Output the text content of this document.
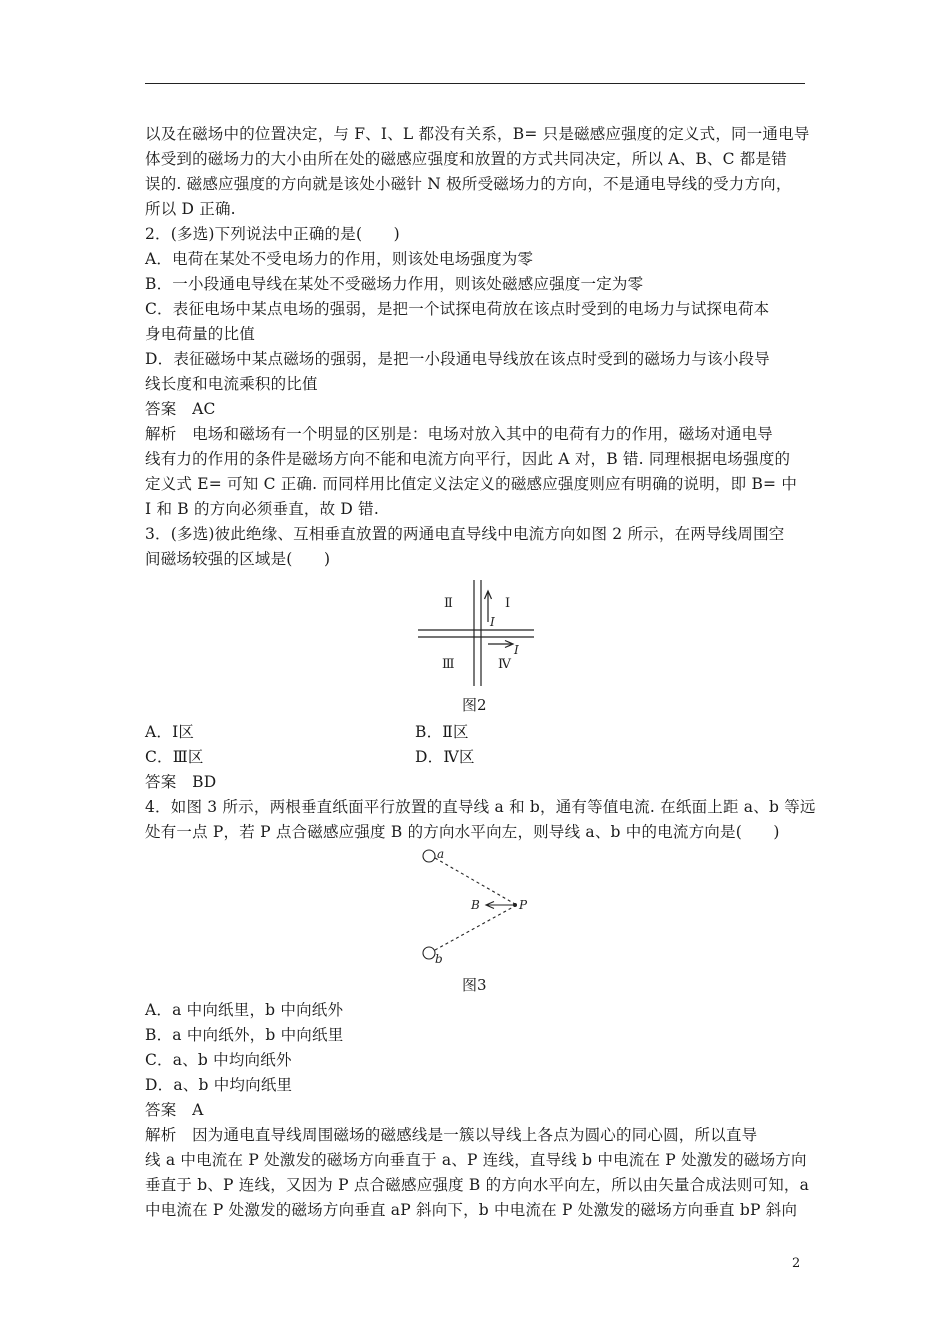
以及在磁场中的位置决定，与 F、I、L 都没有关系，B= 只是磁感应强度的定义式，同一通电导
体受到的磁场力的大小由所在处的磁感应强度和放置的方式共同决定，所以 A、B、C 都是错
误的. 磁感应强度的方向就是该处小磁针 N 极所受磁场力的方向，不是通电导线的受力方向，
所以 D 正确.
2．(多选)下列说法中正确的是(　　)
A．电荷在某处不受电场力的作用，则该处电场强度为零
B．一小段通电导线在某处不受磁场力作用，则该处磁感应强度一定为零
C．表征电场中某点电场的强弱，是把一个试探电荷放在该点时受到的电场力与试探电荷本
身电荷量的比值
D．表征磁场中某点磁场的强弱，是把一小段通电导线放在该点时受到的磁场力与该小段导
线长度和电流乘积的比值
答案　AC
解析　电场和磁场有一个明显的区别是：电场对放入其中的电荷有力的作用，磁场对通电导
线有力的作用的条件是磁场方向不能和电流方向平行，因此 A 对，B 错. 同理根据电场强度的
定义式 E= 可知 C 正确. 而同样用比值定义法定义的磁感应强度则应有明确的说明，即 B= 中
I 和 B 的方向必须垂直，故 D 错.
3．(多选)彼此绝缘、互相垂直放置的两通电直导线中电流方向如图 2 所示，在两导线周围空
间磁场较强的区域是(　　)
Ⅱ	Ⅰ
Ⅲ	Ⅳ
I
I
图2
A．Ⅰ区	B．Ⅱ区
C．Ⅲ区	D．Ⅳ区
答案　BD
4．如图 3 所示，两根垂直纸面平行放置的直导线 a 和 b，通有等值电流. 在纸面上距 a、b 等远
处有一点 P，若 P 点合磁感应强度 B 的方向水平向左，则导线 a、b 中的电流方向是(　　)
a
b
B	P
图3
A．a 中向纸里，b 中向纸外
B．a 中向纸外，b 中向纸里
C．a、b 中均向纸外
D．a、b 中均向纸里
答案　A
解析　因为通电直导线周围磁场的磁感线是一簇以导线上各点为圆心的同心圆，所以直导
线 a 中电流在 P 处激发的磁场方向垂直于 a、P 连线，直导线 b 中电流在 P 处激发的磁场方向
垂直于 b、P 连线，又因为 P 点合磁感应强度 B 的方向水平向左，所以由矢量合成法则可知，a
中电流在 P 处激发的磁场方向垂直 aP 斜向下，b 中电流在 P 处激发的磁场方向垂直 bP 斜向
2
